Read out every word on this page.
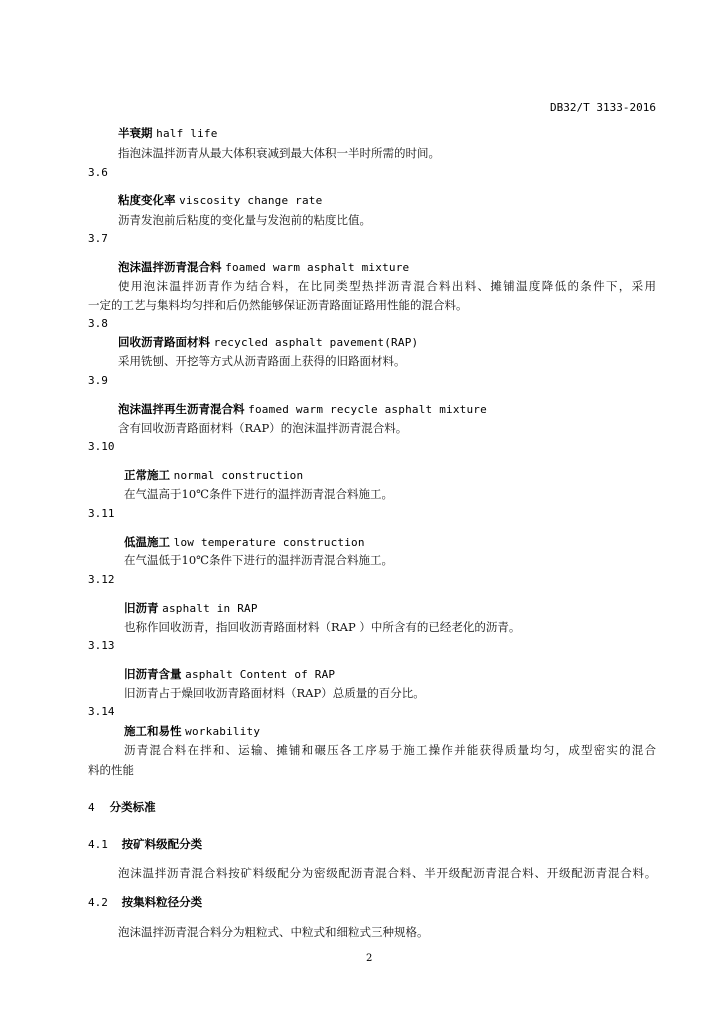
DB32/T 3133-2016
半衰期 half life
指泡沫温拌沥青从最大体积衰减到最大体积一半时所需的时间。
3.6
粘度变化率 viscosity change rate
沥青发泡前后粘度的变化量与发泡前的粘度比值。
3.7
泡沫温拌沥青混合料 foamed warm asphalt mixture
使用泡沫温拌沥青作为结合料，在比同类型热拌沥青混合料出料、摊铺温度降低的条件下，采用
一定的工艺与集料均匀拌和后仍然能够保证沥青路面证路用性能的混合料。
3.8
回收沥青路面材料 recycled asphalt pavement(RAP)
采用铣刨、开挖等方式从沥青路面上获得的旧路面材料。
3.9
泡沫温拌再生沥青混合料 foamed warm recycle asphalt mixture
含有回收沥青路面材料（RAP）的泡沫温拌沥青混合料。
3.10
正常施工 normal construction
在气温高于10℃条件下进行的温拌沥青混合料施工。
3.11
低温施工 low temperature construction
在气温低于10℃条件下进行的温拌沥青混合料施工。
3.12
旧沥青 asphalt in RAP
也称作回收沥青，指回收沥青路面材料（RAP ）中所含有的已经老化的沥青。
3.13
旧沥青含量 asphalt Content of RAP
旧沥青占于燥回收沥青路面材料（RAP）总质量的百分比。
3.14
施工和易性 workability
沥青混合料在拌和、运输、摊铺和碾压各工序易于施工操作并能获得质量均匀，成型密实的混合
料的性能
4 分类标准
4.1 按矿料级配分类
泡沫温拌沥青混合料按矿料级配分为密级配沥青混合料、半开级配沥青混合料、开级配沥青混合料。
4.2 按集料粒径分类
泡沫温拌沥青混合料分为粗粒式、中粒式和细粒式三种规格。
2
